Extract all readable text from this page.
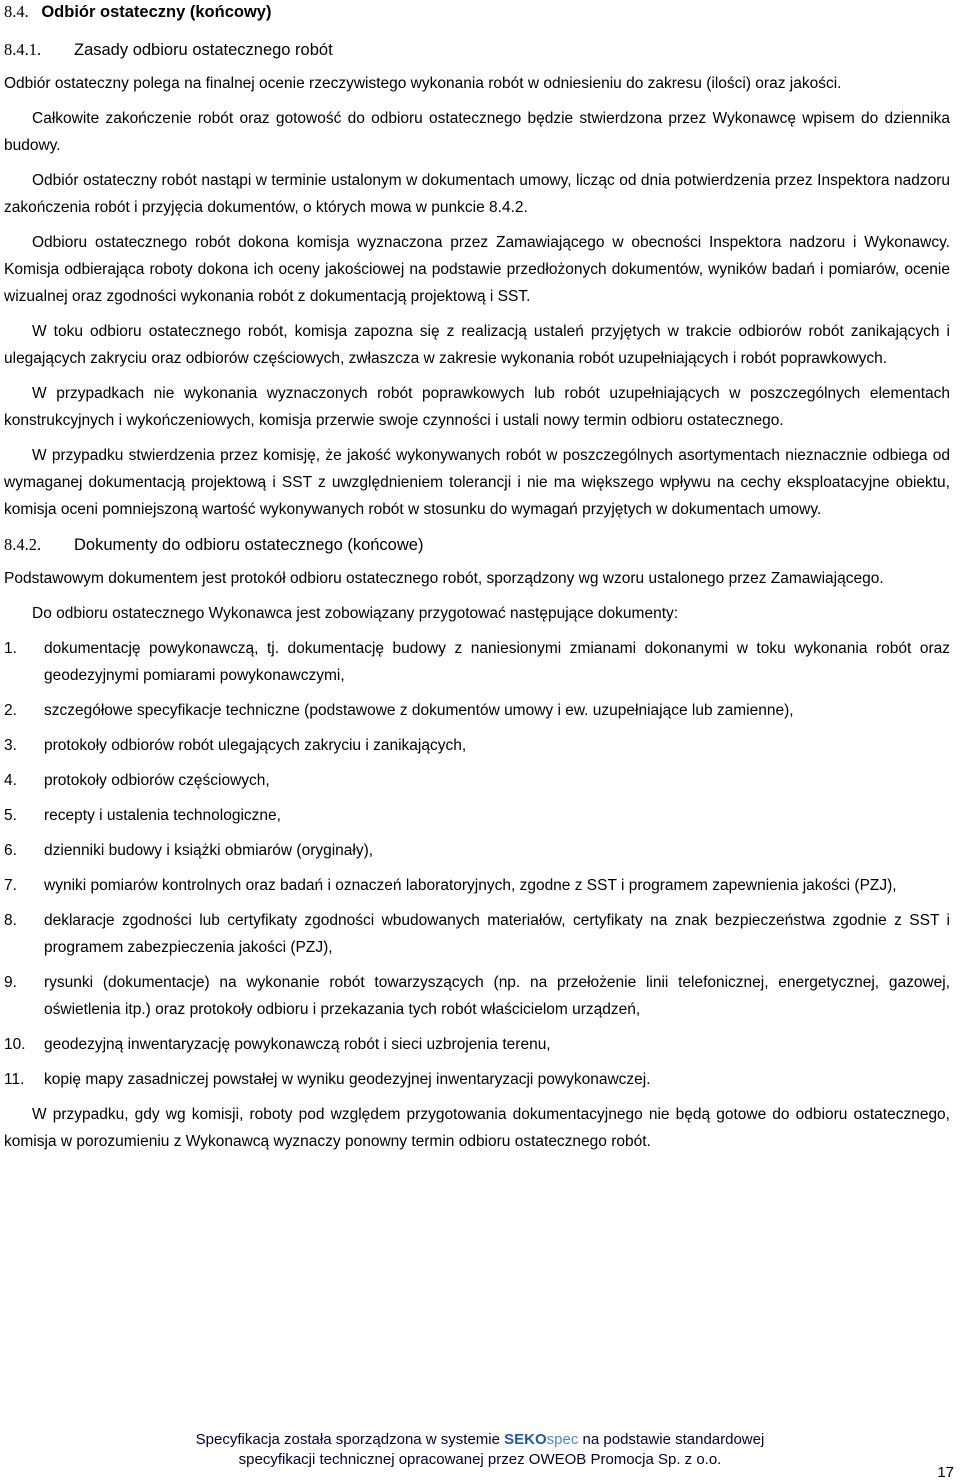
8.4. Odbiór ostateczny (końcowy)
8.4.1. Zasady odbioru ostatecznego robót

Odbiór ostateczny polega na finalnej ocenie rzeczywistego wykonania robót w odniesieniu do zakresu (ilości) oraz jakości.

Całkowite zakończenie robót oraz gotowość do odbioru ostatecznego będzie stwierdzona przez Wykonawcę wpisem do dziennika budowy.

Odbiór ostateczny robót nastąpi w terminie ustalonym w dokumentach umowy, licząc od dnia potwierdzenia przez Inspektora nadzoru zakończenia robót i przyjęcia dokumentów, o których mowa w punkcie 8.4.2.

Odbioru ostatecznego robót dokona komisja wyznaczona przez Zamawiającego w obecności Inspektora nadzoru i Wykonawcy. Komisja odbierająca roboty dokona ich oceny jakościowej na podstawie przedłożonych dokumentów, wyników badań i pomiarów, ocenie wizualnej oraz zgodności wykonania robót z dokumentacją projektową i SST.

W toku odbioru ostatecznego robót, komisja zapozna się z realizacją ustaleń przyjętych w trakcie odbiorów robót zanikających i ulegających zakryciu oraz odbiorów częściowych, zwłaszcza w zakresie wykonania robót uzupełniających i robót poprawkowych.

W przypadkach nie wykonania wyznaczonych robót poprawkowych lub robót uzupełniających w poszczególnych elementach konstrukcyjnych i wykończeniowych, komisja przerwie swoje czynności i ustali nowy termin odbioru ostatecznego.

W przypadku stwierdzenia przez komisję, że jakość wykonywanych robót w poszczególnych asortymentach nieznacznie odbiega od wymaganej dokumentacją projektową i SST z uwzględnieniem tolerancji i nie ma większego wpływu na cechy eksploatacyjne obiektu, komisja oceni pomniejszoną wartość wykonywanych robót w stosunku do wymagań przyjętych w dokumentach umowy.

8.4.2. Dokumenty do odbioru ostatecznego (końcowe)

Podstawowym dokumentem jest protokół odbioru ostatecznego robót, sporządzony wg wzoru ustalonego przez Zamawiającego.

Do odbioru ostatecznego Wykonawca jest zobowiązany przygotować następujące dokumenty:

1. dokumentację powykonawczą, tj. dokumentację budowy z naniesionymi zmianami dokonanymi w toku wykonania robót oraz geodezyjnymi pomiarami powykonawczymi,
2. szczegółowe specyfikacje techniczne (podstawowe z dokumentów umowy i ew. uzupełniające lub zamienne),
3. protokoły odbiorów robót ulegających zakryciu i zanikających,
4. protokoły odbiorów częściowych,
5. recepty i ustalenia technologiczne,
6. dzienniki budowy i książki obmiarów (oryginały),
7. wyniki pomiarów kontrolnych oraz badań i oznaczeń laboratoryjnych, zgodne z SST i programem zapewnienia jakości (PZJ),
8. deklaracje zgodności lub certyfikaty zgodności wbudowanych materiałów, certyfikaty na znak bezpieczeństwa zgodnie z SST i programem zabezpieczenia jakości (PZJ),
9. rysunki (dokumentacje) na wykonanie robót towarzyszących (np. na przełożenie linii telefonicznej, energetycznej, gazowej, oświetlenia itp.) oraz protokoły odbioru i przekazania tych robót właścicielom urządzeń,
10. geodezyjną inwentaryzację powykonawczą robót i sieci uzbrojenia terenu,
11. kopię mapy zasadniczej powstałej w wyniku geodezyjnej inwentaryzacji powykonawczej.

W przypadku, gdy wg komisji, roboty pod względem przygotowania dokumentacyjnego nie będą gotowe do odbioru ostatecznego, komisja w porozumieniu z Wykonawcą wyznaczy ponowny termin odbioru ostatecznego robót.

Specyfikacja została sporządzona w systemie SEKOspec na podstawie standardowej
specyfikacji technicznej opracowanej przez OWEOB Promocja Sp. z o.o.
17
